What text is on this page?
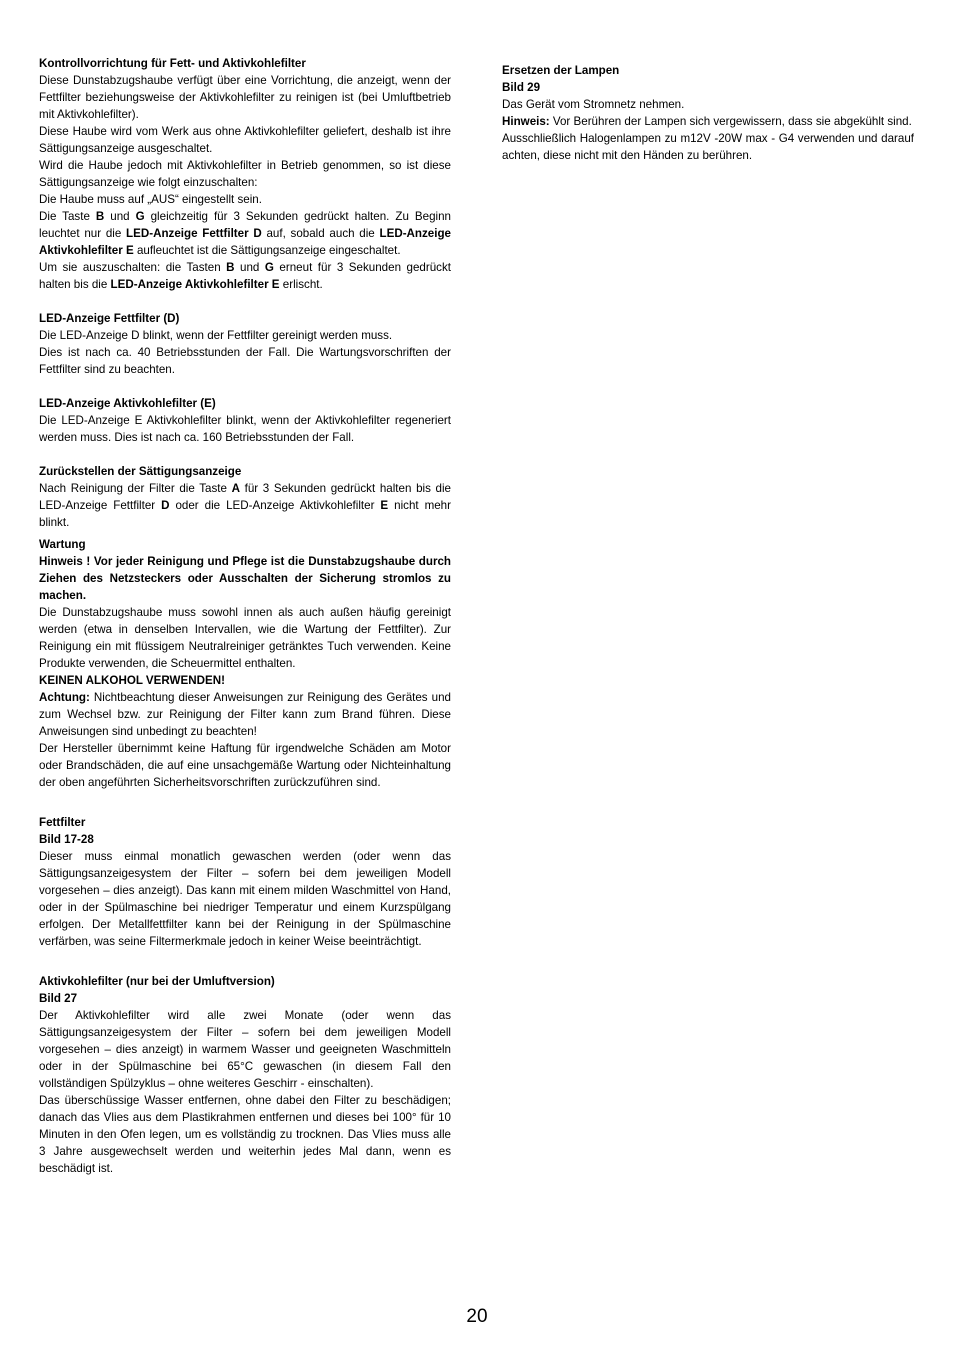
Kontrollvorrichtung für Fett- und Aktivkohlefilter

Diese Dunstabzugshaube verfügt über eine Vorrichtung, die anzeigt, wenn der Fettfilter beziehungsweise der Aktivkohlefilter zu reinigen ist (bei Umluftbetrieb mit Aktivkohlefilter).

Diese Haube wird vom Werk aus ohne Aktivkohlefilter geliefert, deshalb ist ihre Sättigungsanzeige ausgeschaltet.

Wird die Haube jedoch mit Aktivkohlefilter in Betrieb genommen, so ist diese Sättigungsanzeige wie folgt einzuschalten:

Die Haube muss auf „AUS“ eingestellt sein.

Die Taste B und G gleichzeitig für 3 Sekunden gedrückt halten. Zu Beginn leuchtet nur die LED-Anzeige Fettfilter D auf, sobald auch die LED-Anzeige Aktivkohlefilter E aufleuchtet ist die Sättigungsanzeige eingeschaltet.

Um sie auszuschalten: die Tasten B und G erneut für 3 Sekunden gedrückt halten bis die LED-Anzeige Aktivkohlefilter E erlischt.

LED-Anzeige Fettfilter (D)

Die LED-Anzeige D blinkt, wenn der Fettfilter gereinigt werden muss.

Dies ist nach ca. 40 Betriebsstunden der Fall. Die Wartungsvorschriften der Fettfilter sind zu beachten.

LED-Anzeige Aktivkohlefilter (E)

Die LED-Anzeige E Aktivkohlefilter blinkt, wenn der Aktivkohlefilter regeneriert werden muss. Dies ist nach ca. 160 Betriebsstunden der Fall.

Zurückstellen der Sättigungsanzeige

Nach Reinigung der Filter die Taste A für 3 Sekunden gedrückt halten bis die LED-Anzeige Fettfilter D oder die LED-Anzeige Aktivkohlefilter E nicht mehr blinkt.

Wartung

Hinweis ! Vor jeder Reinigung und Pflege ist die Dunstabzugshaube durch Ziehen des Netzsteckers oder Ausschalten der Sicherung stromlos zu machen.

Die Dunstabzugshaube muss sowohl innen als auch außen häufig gereinigt werden (etwa in denselben Intervallen, wie die Wartung der Fettfilter). Zur Reinigung ein mit flüssigem Neutralreiniger getränktes Tuch verwenden. Keine Produkte verwenden, die Scheuermittel enthalten.

KEINEN ALKOHOL VERWENDEN!

Achtung: Nichtbeachtung dieser Anweisungen zur Reinigung des Gerätes und zum Wechsel bzw. zur Reinigung der Filter kann zum Brand führen. Diese Anweisungen sind unbedingt zu beachten!

Der Hersteller übernimmt keine Haftung für irgendwelche Schäden am Motor oder Brandschäden, die auf eine unsachgemäße Wartung oder Nichteinhaltung der oben angeführten Sicherheitsvorschriften zurückzuführen sind.

Fettfilter

Bild 17-28

Dieser muss einmal monatlich gewaschen werden (oder wenn das Sättigungsanzeigesystem der Filter – sofern bei dem jeweiligen Modell vorgesehen – dies anzeigt). Das kann mit einem milden Waschmittel von Hand, oder in der Spülmaschine bei niedriger Temperatur und einem Kurzspülgang erfolgen. Der Metallfettfilter kann bei der Reinigung in der Spülmaschine verfärben, was seine Filtermerkmale jedoch in keiner Weise beeinträchtigt.

Aktivkohlefilter (nur bei der Umluftversion)

Bild 27

Der Aktivkohlefilter wird alle zwei Monate (oder wenn das Sättigungsanzeigesystem der Filter – sofern bei dem jeweiligen Modell vorgesehen – dies anzeigt) in warmem Wasser und geeigneten Waschmitteln oder in der Spülmaschine bei 65°C gewaschen (in diesem Fall den vollständigen Spülzyklus – ohne weiteres Geschirr - einschalten).

Das überschüssige Wasser entfernen, ohne dabei den Filter zu beschädigen; danach das Vlies aus dem Plastikrahmen entfernen und dieses bei 100° für 10 Minuten in den Ofen legen, um es vollständig zu trocknen. Das Vlies muss alle 3 Jahre ausgewechselt werden und weiterhin jedes Mal dann, wenn es beschädigt ist.

Ersetzen der Lampen

Bild 29

Das Gerät vom Stromnetz nehmen.

Hinweis: Vor Berühren der Lampen sich vergewissern, dass sie abgekühlt sind.

Ausschließlich Halogenlampen zu m12V -20W max - G4 verwenden und darauf achten, diese nicht mit den Händen zu berühren.

20
